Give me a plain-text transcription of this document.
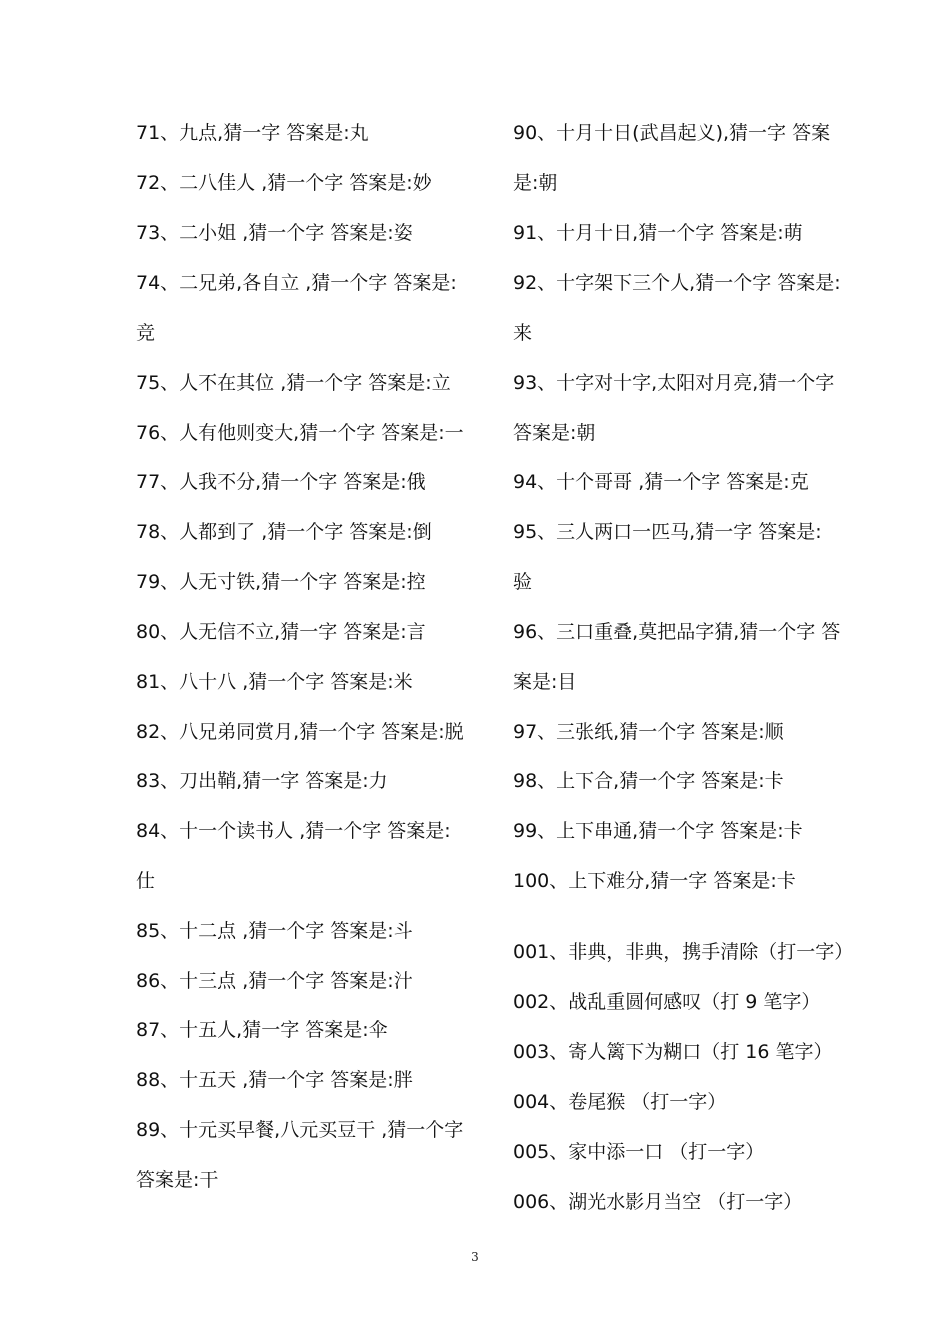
71、九点,猜一字 答案是:丸
72、二八佳人 ,猜一个字 答案是:妙
73、二小姐 ,猜一个字 答案是:姿
74、二兄弟,各自立 ,猜一个字 答案是:
竞
75、人不在其位 ,猜一个字 答案是:立
76、人有他则变大,猜一个字 答案是:一
77、人我不分,猜一个字 答案是:俄
78、人都到了 ,猜一个字 答案是:倒
79、人无寸铁,猜一个字 答案是:控
80、人无信不立,猜一字 答案是:言
81、八十八 ,猜一个字 答案是:米
82、八兄弟同赏月,猜一个字 答案是:脱
83、刀出鞘,猜一字 答案是:力
84、十一个读书人 ,猜一个字 答案是:
仕
85、十二点 ,猜一个字 答案是:斗
86、十三点 ,猜一个字 答案是:汁
87、十五人,猜一字 答案是:伞
88、十五天 ,猜一个字 答案是:胖
89、十元买早餐,八元买豆干 ,猜一个字
答案是:干
90、十月十日(武昌起义),猜一字 答案
是:朝
91、十月十日,猜一个字 答案是:萌
92、十字架下三个人,猜一个字 答案是:
来
93、十字对十字,太阳对月亮,猜一个字
答案是:朝
94、十个哥哥 ,猜一个字 答案是:克
95、三人两口一匹马,猜一字 答案是:
验
96、三口重叠,莫把品字猜,猜一个字 答
案是:目
97、三张纸,猜一个字 答案是:顺
98、上下合,猜一个字 答案是:卡
99、上下串通,猜一个字 答案是:卡
100、上下难分,猜一字 答案是:卡
001、非典，非典，携手清除（打一字）
002、战乱重圆何感叹（打 9 笔字）
003、寄人篱下为糊口（打 16 笔字）
004、卷尾猴 （打一字）
005、家中添一口 （打一字）
006、湖光水影月当空 （打一字）
3
